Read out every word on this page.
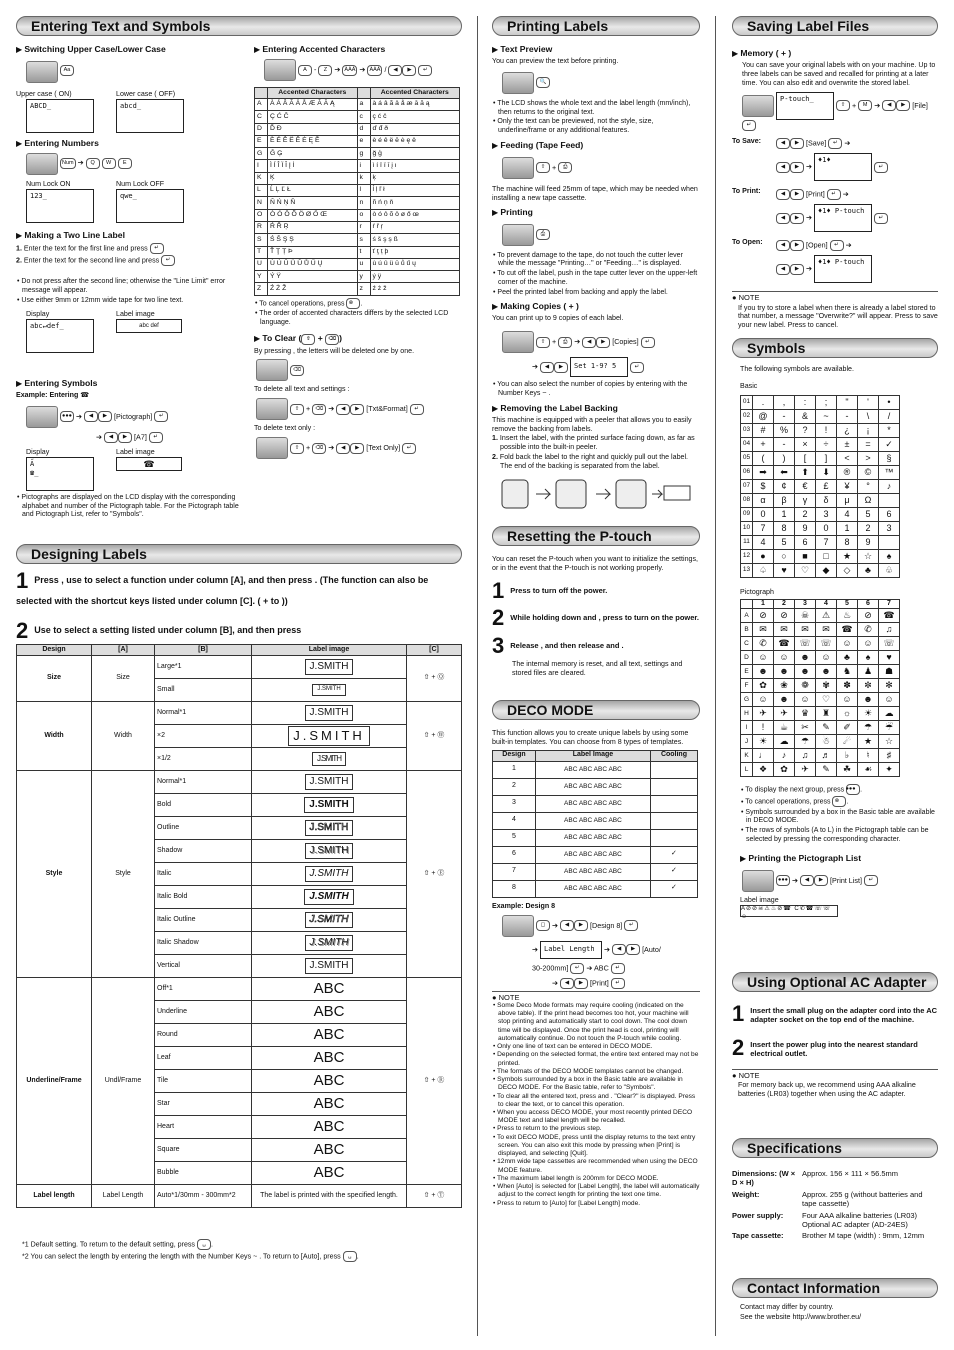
Entering Text and Symbols
▶ Switching Upper Case/Lower Case
Aa
Upper case ( ON)	Lower case ( OFF)
ABCD_	abcd_
▶ Entering Numbers
Num ➔ Q W E
Num Lock ON	Num Lock OFF
123_	qwe_
▶ Making a Two Line Label
1. Enter the text for the first line and press ↵
2. Enter the text for the second line and press ↵
• Do not press after the second line; otherwise the "Line Limit" error message will appear.
• Use either 9mm or 12mm wide tape for two line text.
Display	Label image
abc↵def_	abc def
▶ Entering Symbols
Example: Entering ☎
●●● ➔ ◀ ▶ [Pictograph] ↵
➔ ◀ ▶ [A7] ↵
Display	Label image
A̋
☎_
☎
• Pictographs are displayed on the LCD display with the corresponding alphabet and number of the Pictograph table. For the Pictograph table and Pictograph List, refer to "Symbols".
▶ Entering Accented Characters
A - Z ➔ ÀÀÀ ➔ ÀÀÀ / ◀ ▶ ↵
	Accented Characters		Accented Characters
A	À Á Â Ã Ä Å Æ Ā Ă Ą	a	à á â ã ä å æ ā ă ą
C	Ç Ć Č	c	ç ć č
D	Ď Đ	d	ď đ ð
E	È É Ê Ë Ē Ė Ę Ě	e	è é ê ë ē ė ę ě
G	Ğ Ģ	g	ğ ģ
I	Ì Í Î Ï Ī Į İ	i	ì í î ï ī į ı
K	Ķ	k	ķ
L	Ĺ Ļ Ľ Ł	l	ĺ ļ ľ ł
N	Ñ Ń Ņ Ň	n	ñ ń ņ ň
O	Ò Ó Ô Õ Ö Ø Ő Œ	o	ò ó ô õ ö ø ő œ
R	Ŕ Ř Ŗ	r	ŕ ř ŗ
S	Ś Š Ş Ș	s	ś š ş ș ß
T	Ť Ţ Ț Þ	t	ť ţ ț þ
U	Ù Ú Û Ü Ū Ů Ű Ų	u	ù ú û ü ū ů ű ų
Y	Ý Ÿ	y	ý ÿ
Z	Ź Ż Ž	z	ź ż ž
• To cancel operations, press ⊗ .
• The order of accented characters differs by the selected LCD language.
▶ To Clear ( ⇧ + ⌫ )
By pressing , the letters will be deleted one by one.
⌫
To delete all text and settings :
⇧ + ⌫ ➔ ◀ ▶ [Txt&Format] ↵
To delete text only :
⇧ + ⌫ ➔ ◀ ▶ [Text Only] ↵
Designing Labels
1 Press , use to select a function under column [A], and then press . (The function can also be selected with the shortcut keys listed under column [C]. ( + to ))
2 Use to select a setting listed under column [B], and then press
Design	[A]	[B]	Label image	[C]
Size	Size	Large*1	J.SMITH	⇧ + Ⓠ
		Small	J.SMITH	
Width	Width	Normal*1	J.SMITH	⇧ + Ⓦ
		×2	J.SMITH	
		×1/2	J.SMITH	
Style	Style	Normal*1	J.SMITH	⇧ + Ⓔ
		Bold	J.SMITH	
		Outline	J.SMITH	
		Shadow	J.SMITH	
		Italic	J.SMITH	
		Italic Bold	J.SMITH	
		Italic Outline	J.SMITH	
		Italic Shadow	J.SMITH	
		Vertical	J.SMITH	
Underline/Frame	Undl/Frame	Off*1	ABC	⇧ + Ⓡ
		Underline	ABC	
		Round	ABC	
		Leaf	ABC	
		Tile	ABC	
		Star	ABC	
		Heart	ABC	
		Square	ABC	
		Bubble	ABC	
Label length	Label Length	Auto*1/30mm - 300mm*2	The label is printed with the specified length.	⇧ + Ⓣ
*1 Default setting. To return to the default setting, press ␣ .
*2 You can select the length by entering the length with the Number Keys ~ . To return to [Auto], press ␣ .
Printing Labels
▶ Text Preview
You can preview the text before printing.
🔍
• The LCD shows the whole text and the label length (mm/inch), then returns to the original text.
• Only the text can be previewed, not the style, size, underline/frame or any additional features.
▶ Feeding (Tape Feed)
⇧ + ⎙
The machine will feed 25mm of tape, which may be needed when installing a new tape cassette.
▶ Printing
⎙
• To prevent damage to the tape, do not touch the cutter lever while the message "Printing…" or "Feeding…" is displayed.
• To cut off the label, push in the tape cutter lever on the upper-left corner of the machine.
• Peel the printed label from backing and apply the label.
▶ Making Copies ( + )
You can print up to 9 copies of each label.
⇧ + ⎙ ➔ ◀ ▶ [Copies] ↵
➔ ◀ ▶ Set 1-9? 5	↵
• You can also select the number of copies by entering with the Number Keys ~ .
▶ Removing the Label Backing
This machine is equipped with a peeler that allows you to easily remove the backing from labels.
1. Insert the label, with the printed surface facing down, as far as possible into the built-in peeler.
2. Fold back the label to the right and quickly pull out the label. The end of the backing is separated from the label.
Resetting the P-touch
You can reset the P-touch when you want to initialize the settings, or in the event that the P-touch is not working properly.
1 Press to turn off the power.
2 While holding down and , press to turn on the power.
3 Release , and then release and .
The internal memory is reset, and all text, settings and stored files are cleared.
DECO MODE
This function allows you to create unique labels by using some built-in templates. You can choose from 8 types of templates.
Design	Label Image	Cooling
1	ABC ABC ABC ABC	
2	ABC ABC ABC ABC	
3	ABC ABC ABC ABC	
4	ABC ABC ABC ABC	
5	ABC ABC ABC ABC	
6	ABC ABC ABC ABC	✓
7	ABC ABC ABC ABC	✓
8	ABC ABC ABC ABC	✓
Example: Design 8
◻ ➔ ◀ ▶ [Design 8] ↵
➔ Label Length ➔ ◀ ▶ [Auto/
30-200mm] ↵ ➔ ABC ↵
➔ ◀ ▶ [Print] ↵
● NOTE
• Some Deco Mode formats may require cooling (indicated on the above table). If the print head becomes too hot, your machine will stop printing and automatically start to cool down. The cool down time will be displayed. Once the print head is cool, printing will automatically continue. Do not touch the P-touch while cooling.
• Only one line of text can be entered in DECO MODE.
• Depending on the selected format, the entire text entered may not be printed.
• The formats of the DECO MODE templates cannot be changed.
• Symbols surrounded by a box in the Basic table are available in DECO MODE. For the Basic table, refer to "Symbols".
• To clear all the entered text, press and . "Clear?" is displayed. Press to clear the text, or to cancel this operation.
• When you access DECO MODE, your most recently printed DECO MODE text and label length will be recalled.
• Press to return to the previous step.
• To exit DECO MODE, press until the display returns to the text entry screen. You can also exit this mode by pressing when [Print] is displayed, and selecting [Quit].
• 12mm wide tape cassettes are recommended when using the DECO MODE feature.
• The maximum label length is 200mm for DECO MODE.
• When [Auto] is selected for [Label Length], the label will automatically adjust to the correct length for printing the text one time.
• Press to return to [Auto] for [Label Length] mode.
Saving Label Files
▶ Memory ( + )
You can save your original labels with on your machine. Up to three labels can be saved and recalled for printing at a later time. You can also edit and overwrite the stored label.
P-touch_ ⇧ + M ➔ ◀ ▶ [File] ↵
To Save:	◀ ▶ [Save] ↵ ➔
◀ ▶ ➔ ♦1♦ ↵
To Print:	◀ ▶ [Print] ↵ ➔
◀ ▶ ➔ ♦1♦ P-touch ↵
To Open:	◀ ▶ [Open] ↵ ➔
◀ ▶ ➔ ♦1♦ P-touch
● NOTE
If you try to store a label when there is already a label stored to that number, a message "Overwrite?" will appear. Press to save your new label. Press to cancel.
Symbols
The following symbols are available.
Basic
01	.	,	:	;	"	'	•
02	@	-	&	~	-	\	/
03	#	%	?	!	¿	¡	*
04	+	-	×	÷	±	=	✓
05	(	)	[	]	<	>	§
06	➡	⬅	⬆	⬇	®	©	™
07	$	¢	€	£	¥	°	♪
08	α	β	γ	δ	μ	Ω	
09	0	1	2	3	4	5	6
10	7	8	9	0	1	2	3
11	4	5	6	7	8	9	
12	●	○	■	□	★	☆	♠
13	♤	♥	♡	◆	◇	♣	♧
Pictograph
	1	2	3	4	5	6	7
A	⊘	⊘	☠	⚠	♨	⊘	☎
B	✉	✉	✉	✉	☎	✆	♫
C	✆	☎	☏	☏	☺	☺	☏
D	☺	☺	☻	☺	♣	♠	♥
E	☻	☻	☻	☻	♞	♟	☗
F	✿	❀	❁	✾	✽	✼	✻
G	☺	☻	☺	♡	☺	☻	☺
H	✈	✈	♛	♜	☼	☀	☁
I	!	☕	✂	✎	✐	☂	☔
J	☀	☁	☂	☃	☄	★	☆
K	♩	♪	♫	♬	♭	♮	♯
L	❖	✿	✈	✎	☘	☙	✦
• To display the next group, press ●●● .
• To cancel operations, press ⊗ .
• Symbols surrounded by a box in the Basic table are available in DECO MODE.
• The rows of symbols (A to L) in the Pictograph table can be selected by pressing the corresponding character.
▶ Printing the Pictograph List
●●● ➔ ◀ ▶ [Print List] ↵
Label image
A⊘⊘☠⚠♨⊘☎ C✆☎☏☏☺
Using Optional AC Adapter
1 Insert the small plug on the adapter cord into the AC adapter socket on the top end of the machine.
2 Insert the power plug into the nearest standard electrical outlet.
● NOTE
For memory back up, we recommend using AAA alkaline batteries (LR03) together when using the AC adapter.
Specifications
Dimensions: (W × D × H)	Approx. 156 × 111 × 56.5mm
Weight:	Approx. 255 g (without batteries and tape cassette)
Power supply:	Four AAA alkaline batteries (LR03) Optional AC adapter (AD-24ES)
Tape cassette:	Brother M tape (width) : 9mm, 12mm
Contact Information
Contact may differ by country.
See the website http://www.brother.eu/
